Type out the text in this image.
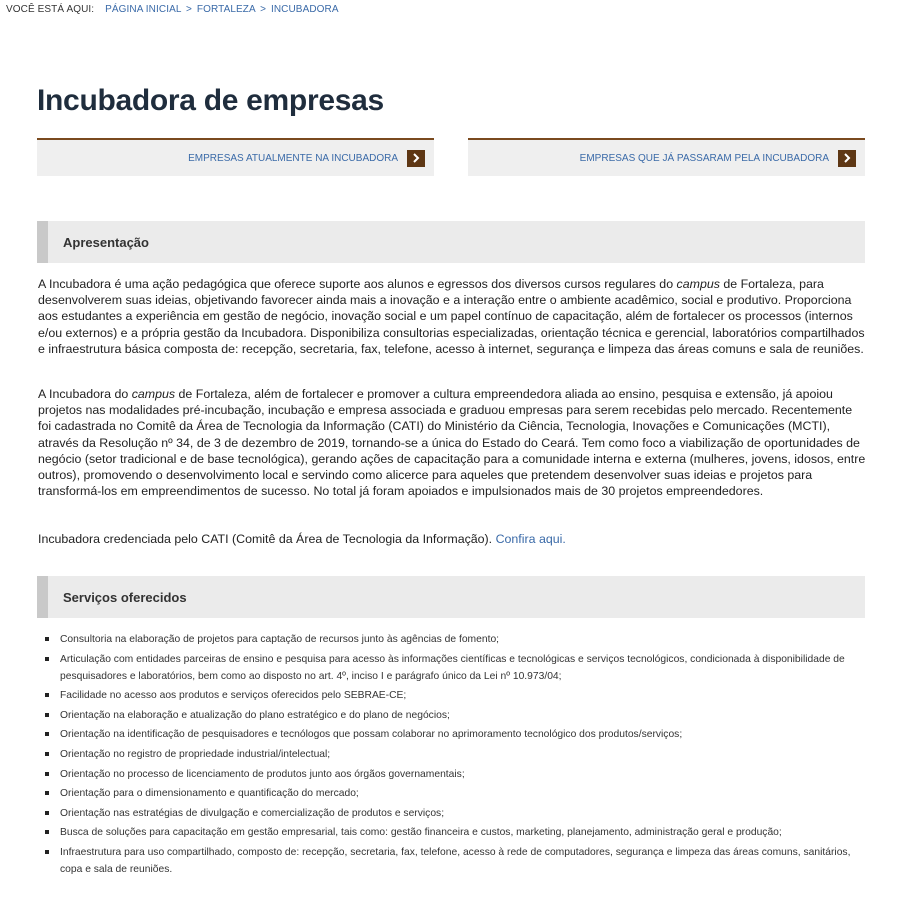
VOCÊ ESTÁ AQUI: PÁGINA INICIAL > FORTALEZA > INCUBADORA
Incubadora de empresas
EMPRESAS ATUALMENTE NA INCUBADORA	EMPRESAS QUE JÁ PASSARAM PELA INCUBADORA
Apresentação

A Incubadora é uma ação pedagógica que oferece suporte aos alunos e egressos dos diversos cursos regulares do campus de Fortaleza, para desenvolverem suas ideias, objetivando favorecer ainda mais a inovação e a interação entre o ambiente acadêmico, social e produtivo. Proporciona aos estudantes a experiência em gestão de negócio, inovação social e um papel contínuo de capacitação, além de fortalecer os processos (internos e/ou externos) e a própria gestão da Incubadora. Disponibiliza consultorias especializadas, orientação técnica e gerencial, laboratórios compartilhados e infraestrutura básica composta de: recepção, secretaria, fax, telefone, acesso à internet, segurança e limpeza das áreas comuns e sala de reuniões.

A Incubadora do campus de Fortaleza, além de fortalecer e promover a cultura empreendedora aliada ao ensino, pesquisa e extensão, já apoiou projetos nas modalidades pré-incubação, incubação e empresa associada e graduou empresas para serem recebidas pelo mercado. Recentemente foi cadastrada no Comitê da Área de Tecnologia da Informação (CATI) do Ministério da Ciência, Tecnologia, Inovações e Comunicações (MCTI), através da Resolução nº 34, de 3 de dezembro de 2019, tornando-se a única do Estado do Ceará. Tem como foco a viabilização de oportunidades de negócio (setor tradicional e de base tecnológica), gerando ações de capacitação para a comunidade interna e externa (mulheres, jovens, idosos, entre outros), promovendo o desenvolvimento local e servindo como alicerce para aqueles que pretendem desenvolver suas ideias e projetos para transformá-los em empreendimentos de sucesso. No total já foram apoiados e impulsionados mais de 30 projetos empreendedores.

Incubadora credenciada pelo CATI (Comitê da Área de Tecnologia da Informação). Confira aqui.

Serviços oferecidos
Consultoria na elaboração de projetos para captação de recursos junto às agências de fomento;
Articulação com entidades parceiras de ensino e pesquisa para acesso às informações científicas e tecnológicas e serviços tecnológicos, condicionada à disponibilidade de pesquisadores e laboratórios, bem como ao disposto no art. 4º, inciso I e parágrafo único da Lei nº 10.973/04;
Facilidade no acesso aos produtos e serviços oferecidos pelo SEBRAE-CE;
Orientação na elaboração e atualização do plano estratégico e do plano de negócios;
Orientação na identificação de pesquisadores e tecnólogos que possam colaborar no aprimoramento tecnológico dos produtos/serviços;
Orientação no registro de propriedade industrial/intelectual;
Orientação no processo de licenciamento de produtos junto aos órgãos governamentais;
Orientação para o dimensionamento e quantificação do mercado;
Orientação nas estratégias de divulgação e comercialização de produtos e serviços;
Busca de soluções para capacitação em gestão empresarial, tais como: gestão financeira e custos, marketing, planejamento, administração geral e produção;
Infraestrutura para uso compartilhado, composto de: recepção, secretaria, fax, telefone, acesso à rede de computadores, segurança e limpeza das áreas comuns, sanitários, copa e sala de reuniões.
